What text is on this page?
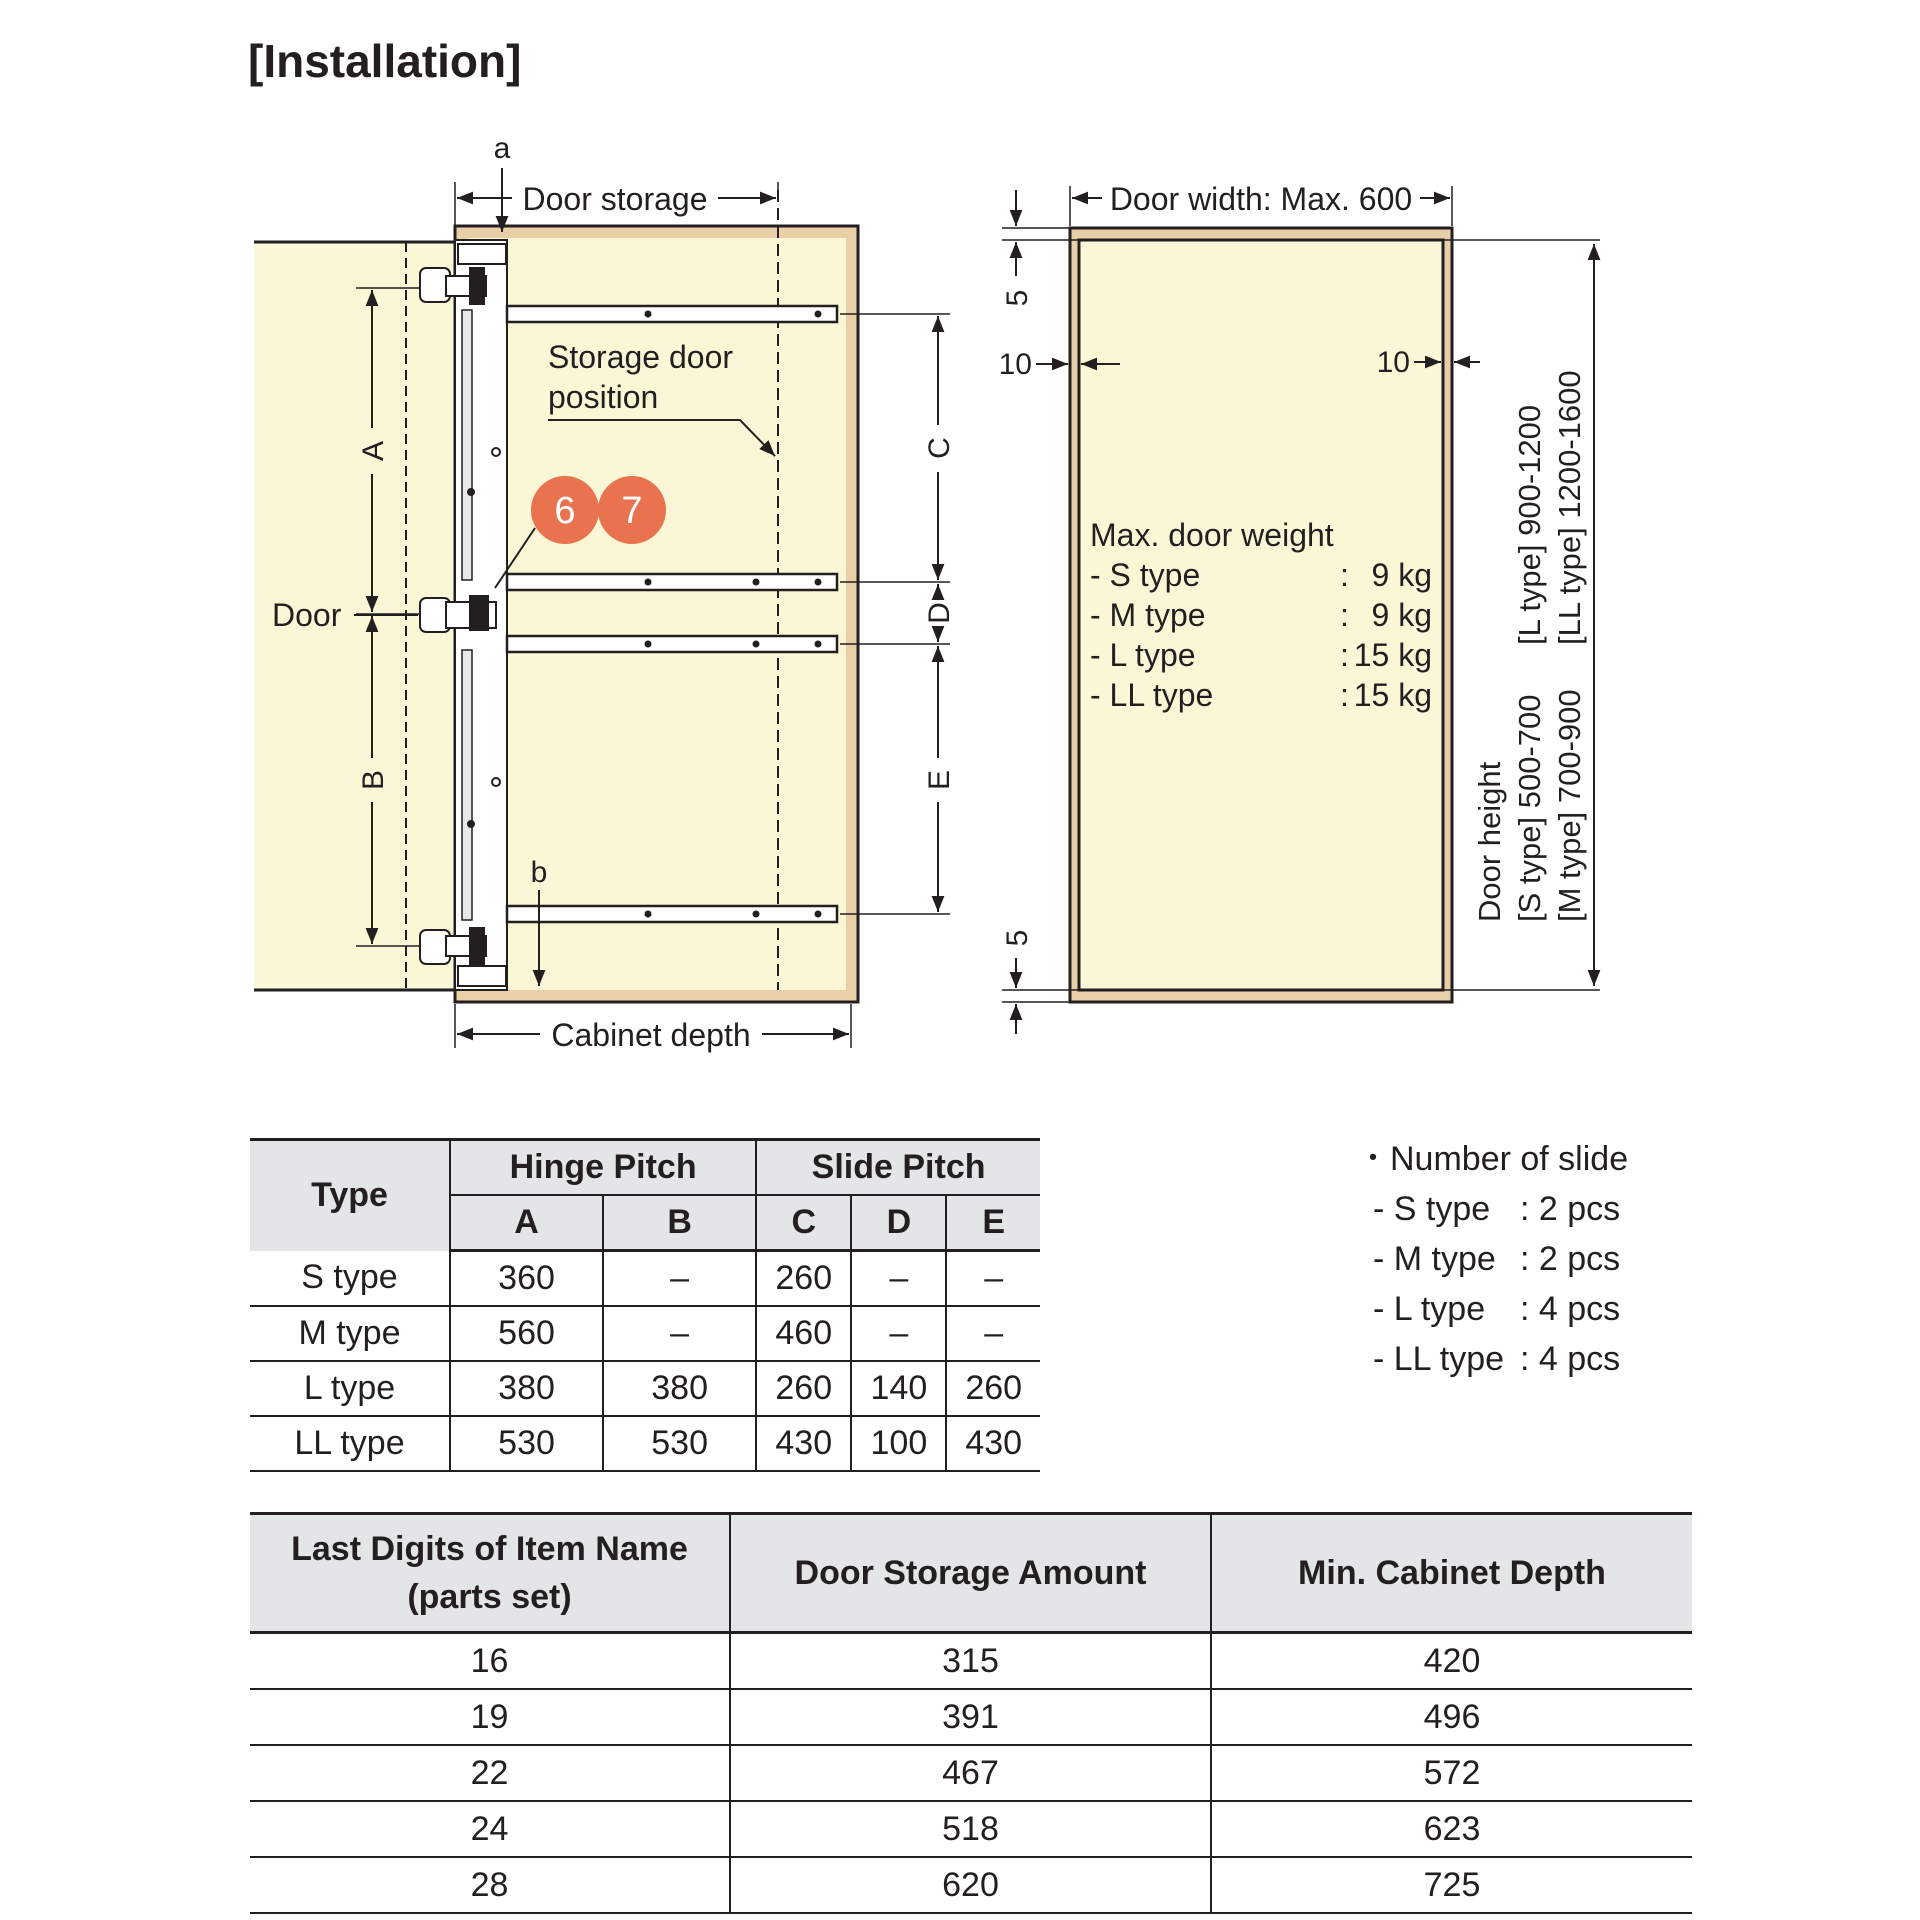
[Installation]
Door storage
a
Storage door
position
6 7
A
B
Door
C
D
E
b
Cabinet depth
Door width: Max. 600
5
5
10	10
Max. door weight
- S type	: 9 kg
- M type	: 9 kg
- L type	: 15 kg
- LL type	: 15 kg
Door height [S type] 500-700
[L type] 900-1200
[M type] 700-900
[LL type] 1200-1600
Type	Hinge Pitch		Slide Pitch		
	A	B	C	D	E
S type	360	–	260	–	–
M type	560	–	460	–	–
L type	380	380	260	140	260
LL type	530	530	430	100	430
・Number of slide
- S type : 2 pcs
- M type : 2 pcs
- L type	: 4 pcs
- LL type : 4 pcs
Last Digits of Item Name
(parts set)	Door Storage Amount	Min. Cabinet Depth
16	315	420
19	391	496
22	467	572
24	518	623
28	620	725
